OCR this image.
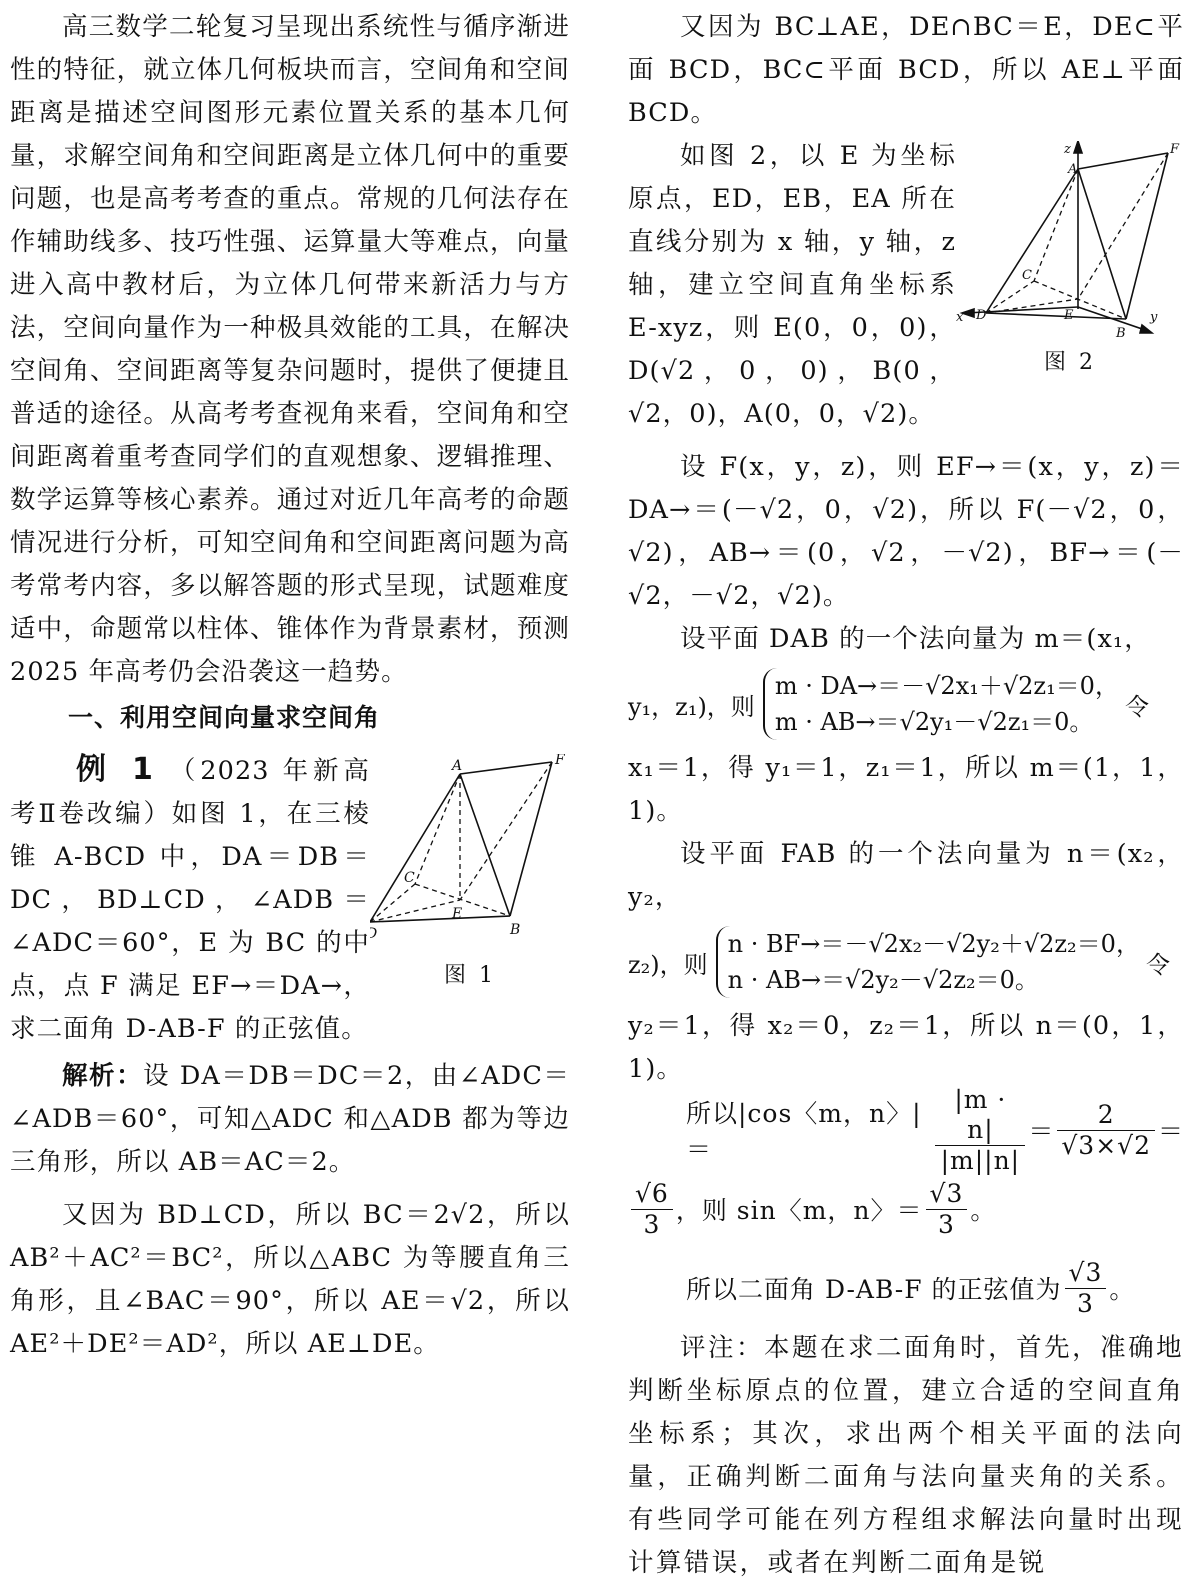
高三数学二轮复习呈现出系统性与循序渐进性的特征，就立体几何板块而言，空间角和空间距离是描述空间图形元素位置关系的基本几何量，求解空间角和空间距离是立体几何中的重要问题，也是高考考查的重点。常规的几何法存在作辅助线多、技巧性强、运算量大等难点，向量进入高中教材后，为立体几何带来新活力与方法，空间向量作为一种极具效能的工具，在解决空间角、空间距离等复杂问题时，提供了便捷且普适的途径。从高考考查视角来看，空间角和空间距离着重考查同学们的直观想象、逻辑推理、数学运算等核心素养。通过对近几年高考的命题情况进行分析，可知空间角和空间距离问题为高考常考内容，多以解答题的形式呈现，试题难度适中，命题常以柱体、锥体作为背景素材，预测 2025 年高考仍会沿袭这一趋势。

一、利用空间向量求空间角
A	F
C
E
B
图 1

例 1 （2023 年新高考Ⅱ卷改编）如图 1，在三棱锥 A-BCD 中，DA＝DB＝DC，BD⊥CD，∠ADB＝∠ADC＝60°，E 为 BC 的中点，点 F 满足 EF→＝DA→，求二面角 D-AB-F 的正弦值。

解析：设 DA＝DB＝DC＝2，由∠ADC＝∠ADB＝60°，可知△ADC 和△ADB 都为等边三角形，所以 AB＝AC＝2。

又因为 BD⊥CD，所以 BC＝2√2，所以 AB²＋AC²＝BC²，所以△ABC 为等腰直角三角形，且∠BAC＝90°，所以 AE＝√2，所以 AE²＋DE²＝AD²，所以 AE⊥DE。

又因为 BC⊥AE，DE∩BC＝E，DE⊂平面 BCD，BC⊂平面 BCD，所以 AE⊥平面 BCD。

z
A
F
C
x D	E
B
y
图 2

如图 2，以 E 为坐标原点，ED，EB，EA 所在直线分别为 x 轴，y 轴，z 轴，建立空间直角坐标系 E-xyz，则 E(0，0，0)，D(√2，0，0)，B(0，√2，0)，A(0，0，√2)。

设 F(x，y，z)，则 EF→＝(x，y，z)＝DA→＝(－√2，0，√2)，所以 F(－√2，0，√2)，AB→＝(0，√2，－√2)，BF→＝(－√2，－√2，√2)。

设平面 DAB 的一个法向量为 m＝(x₁，

y₁，z₁)，则
m · DA→＝－√2x₁＋√2z₁＝0，
m · AB→＝√2y₁－√2z₁＝0。
令

x₁＝1，得 y₁＝1，z₁＝1，所以 m＝(1，1，1)。

设平面 FAB 的一个法向量为 n＝(x₂，y₂，

z₂)，则
n · BF→＝－√2x₂－√2y₂＋√2z₂＝0，
n · AB→＝√2y₂－√2z₂＝0。
令

y₂＝1，得 x₂＝0，z₂＝1，所以 n＝(0，1，1)。

所以|cos〈m，n〉|＝	$\frac{|m \cdot n|}{|m||n|} = \frac{2}{√3\times√2}$ ＝
$\frac{√6}{3}$ ，则 sin〈m，n〉＝ $\frac{√3}{3}$ 。
所以二面角 D-AB-F 的正弦值为 $\frac{√3}{3}$ 。

评注：本题在求二面角时，首先，准确地判断坐标原点的位置，建立合适的空间直角坐标系；其次，求出两个相关平面的法向量，正确判断二面角与法向量夹角的关系。有些同学可能在列方程组求解法向量时出现计算错误，或者在判断二面角是锐
